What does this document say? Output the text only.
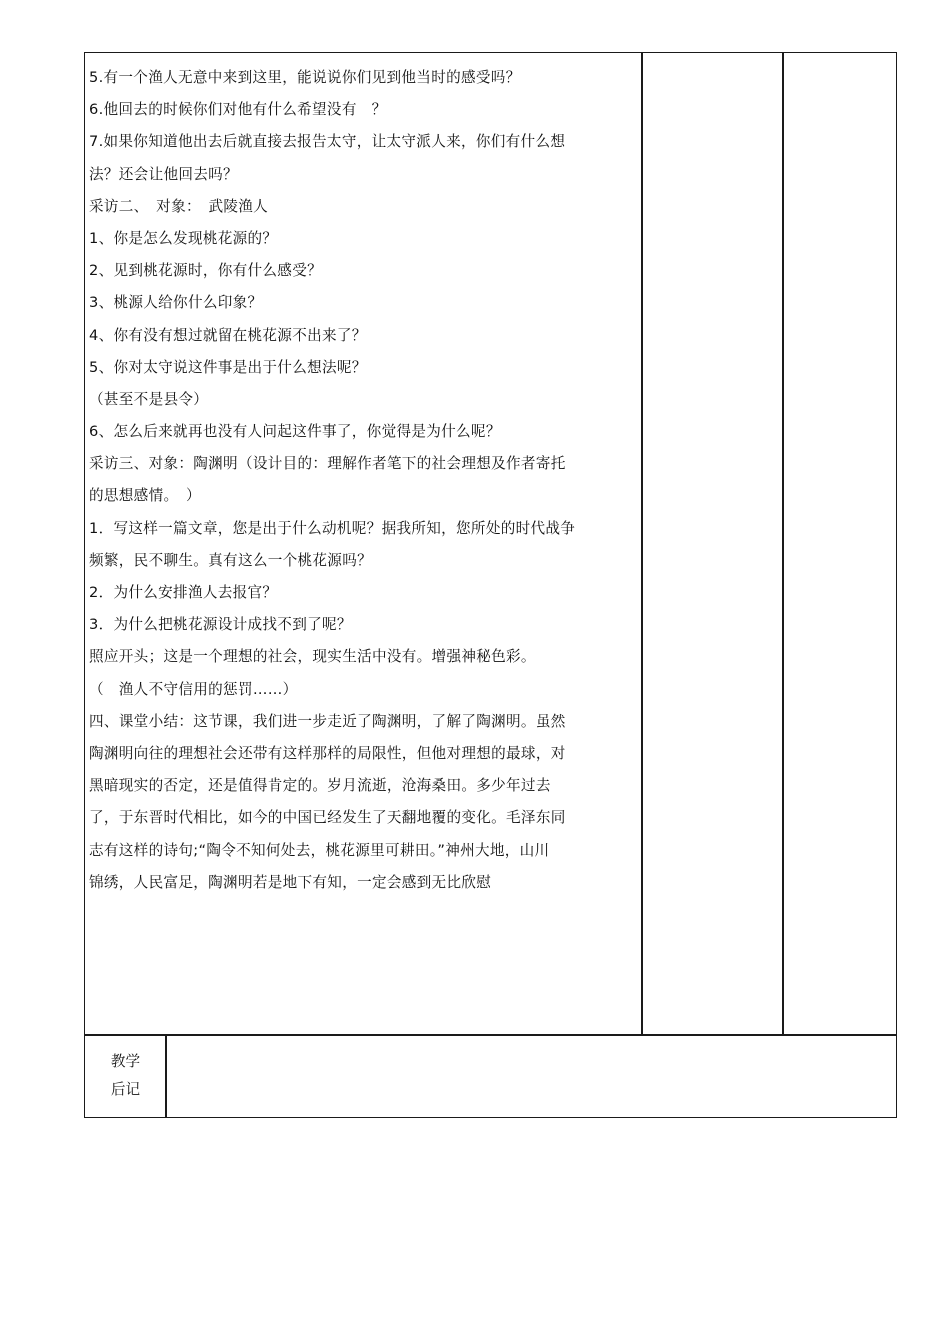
5.有一个渔人无意中来到这里，能说说你们见到他当时的感受吗？
6.他回去的时候你们对他有什么希望没有　？
7.如果你知道他出去后就直接去报告太守，让太守派人来，你们有什么想
法？还会让他回去吗？
采访二、　对象：　武陵渔人
1、你是怎么发现桃花源的？
2、见到桃花源时，你有什么感受？
3、桃源人给你什么印象？
4、你有没有想过就留在桃花源不出来了？
5、你对太守说这件事是出于什么想法呢？
（甚至不是县令）
6、怎么后来就再也没有人问起这件事了，你觉得是为什么呢？
采访三、对象：陶渊明（设计目的：理解作者笔下的社会理想及作者寄托
的思想感情。　）
1．写这样一篇文章，您是出于什么动机呢？据我所知，您所处的时代战争
频繁，民不聊生。真有这么一个桃花源吗？
2．为什么安排渔人去报官？
3．为什么把桃花源设计成找不到了呢？
照应开头；这是一个理想的社会，现实生活中没有。增强神秘色彩。
（　渔人不守信用的惩罚……）
四、课堂小结：这节课，我们进一步走近了陶渊明，了解了陶渊明。虽然
陶渊明向往的理想社会还带有这样那样的局限性，但他对理想的最球，对
黑暗现实的否定，还是值得肯定的。岁月流逝，沧海桑田。多少年过去
了，于东晋时代相比，如今的中国已经发生了天翻地覆的变化。毛泽东同
志有这样的诗句;“陶令不知何处去，桃花源里可耕田。”神州大地，山川
锦绣，人民富足，陶渊明若是地下有知，一定会感到无比欣慰
教学
后记
